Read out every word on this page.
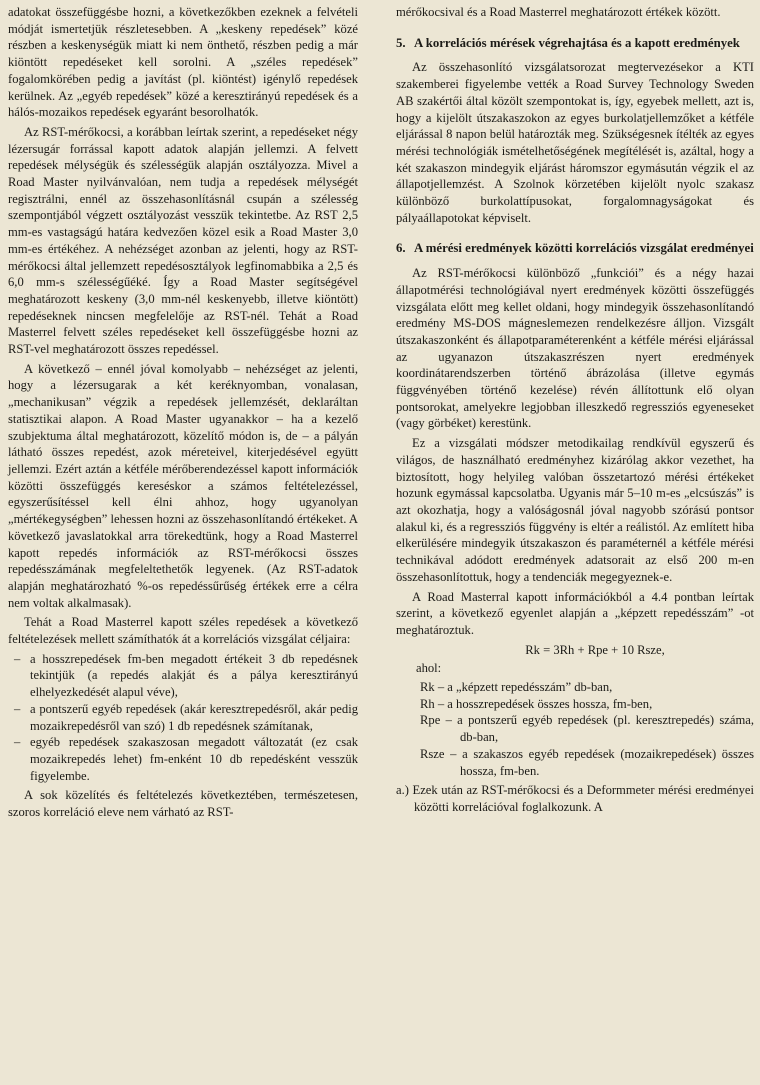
adatokat összefüggésbe hozni, a következőkben ezeknek a felvételi módját ismertetjük részletesebben. A „keskeny repedések” közé részben a keskenységük miatt ki nem önthető, részben pedig a már kiöntött repedéseket kell sorolni. A „széles repedések” fogalomkörében pedig a javítást (pl. kiöntést) igénylő repedések kerülnek. Az „egyéb repedések” közé a keresztirányú repedések és a hálós-mozaikos repedések egyaránt besorolhatók.

Az RST-mérőkocsi, a korábban leírtak szerint, a repedéseket négy lézersugár forrással kapott adatok alapján jellemzi. A felvett repedések mélységük és szélességük alapján osztályozza. Mivel a Road Master nyilvánvalóan, nem tudja a repedések mélységét regisztrálni, ennél az összehasonlításnál csupán a szélesség szempontjából végzett osztályozást vesszük tekintetbe. Az RST 2,5 mm-es vastagságú határa kedvezően közel esik a Road Master 3,0 mm-es értékéhez. A nehézséget azonban az jelenti, hogy az RST-mérőkocsi által jellemzett repedésosztályok legfinomabbika a 2,5 és 6,0 mm-s szélességűéké. Így a Road Master segítségével meghatározott keskeny (3,0 mm-nél keskenyebb, illetve kiöntött) repedéseknek nincsen megfelelője az RST-nél. Tehát a Road Masterrel felvett széles repedéseket kell összefüggésbe hozni az RST-vel meghatározott összes repedéssel.

A következő – ennél jóval komolyabb – nehézséget az jelenti, hogy a lézersugarak a két keréknyomban, vonalasan, „mechanikusan” végzik a repedések jellemzését, deklaráltan statisztikai alapon. A Road Master ugyanakkor – ha a kezelő szubjektuma által meghatározott, közelítő módon is, de – a pályán látható összes repedést, azok méreteivel, kiterjedésével együtt jellemzi. Ezért aztán a kétféle mérőberendezéssel kapott információk közötti összefüggés kereséskor a számos feltételezéssel, egyszerűsítéssel kell élni ahhoz, hogy ugyanolyan „mértékegységben” lehessen hozni az összehasonlítandó értékeket. A következő javaslatokkal arra törekedtünk, hogy a Road Masterrel kapott repedés információk az RST-mérőkocsi összes repedésszámának megfeleltethetők legyenek. (Az RST-adatok alapján meghatározható %-os repedéssűrűség értékek erre a célra nem voltak alkalmasak).

Tehát a Road Masterrel kapott széles repedések a következő feltételezések mellett számíthatók át a korrelációs vizsgálat céljaira:

– a hosszrepedések fm-ben megadott értékeit 3 db repedésnek tekintjük (a repedés alakját és a pálya keresztirányú elhelyezkedését alapul véve),
– a pontszerű egyéb repedések (akár keresztrepedésről, akár pedig mozaikrepedésről van szó) 1 db repedésnek számítanak,
– egyéb repedések szakaszosan megadott változatát (ez csak mozaikrepedés lehet) fm-enként 10 db repedésként vesszük figyelembe.

A sok közelítés és feltételezés következtében, természetesen, szoros korreláció eleve nem várható az RST-

mérőkocsival és a Road Masterrel meghatározott értékek között.

5. A korrelációs mérések végrehajtása és a kapott eredmények

Az összehasonlító vizsgálatsorozat megtervezésekor a KTI szakemberei figyelembe vették a Road Survey Technology Sweden AB szakértői által közölt szempontokat is, így, egyebek mellett, azt is, hogy a kijelölt útszakaszokon az egyes burkolatjellemzőket a kétféle eljárással 8 napon belül határozták meg. Szükségesnek ítélték az egyes mérési technológiák ismételhetőségének megítélését is, azáltal, hogy a két szakaszon mindegyik eljárást háromszor egymásután végzik el az állapotjellemzést. A Szolnok körzetében kijelölt nyolc szakasz különböző burkolattípusokat, forgalomnagyságokat és pályaállapotokat képviselt.

6. A mérési eredmények közötti korrelációs vizsgálat eredményei

Az RST-mérőkocsi különböző „funkciói” és a négy hazai állapotmérési technológiával nyert eredmények közötti összefüggés vizsgálata előtt meg kellet oldani, hogy mindegyik összehasonlítandó eredmény MS-DOS mágneslemezen rendelkezésre álljon. Vizsgált útszakaszonként és állapotparaméterenként a kétféle mérési eljárással az ugyanazon útszakaszrészen nyert eredmények koordinátarendszerben történő ábrázolása (illetve egymás függvényében történő kezelése) révén állítottunk elő olyan pontsorokat, amelyekre legjobban illeszkedő regressziós egyeneseket (vagy görbéket) kerestünk.

Ez a vizsgálati módszer metodikailag rendkívül egyszerű és világos, de használható eredményhez kizárólag akkor vezethet, ha biztosított, hogy helyileg valóban összetartozó mérési értékeket hozunk egymással kapcsolatba. Ugyanis már 5–10 m-es „elcsúszás” is azt okozhatja, hogy a valóságosnál jóval nagyobb szórású pontsor alakul ki, és a regressziós függvény is eltér a reálistól. Az említett hiba elkerülésére mindegyik útszakaszon és paraméternél a kétféle mérési technikával adódott eredmények adatsorait az első 200 m-en összehasonlítottuk, hogy a tendenciák megegyeznek-e.

A Road Masterral kapott információkból a 4.4 pontban leírtak szerint, a következő egyenlet alapján a „képzett repedésszám” -ot meghatároztuk.

Rk = 3Rh + Rpe + 10 Rsze,
ahol:
Rk – a „képzett repedésszám” db-ban,
Rh – a hosszrepedések összes hossza, fm-ben,
Rpe – a pontszerű egyéb repedések (pl. keresztrepedés) száma, db-ban,
Rsze – a szakaszos egyéb repedések (mozaikrepedések) összes hossza, fm-ben.

a.) Ezek után az RST-mérőkocsi és a Deformmeter mérési eredményei közötti korrelációval foglalkozunk. A
